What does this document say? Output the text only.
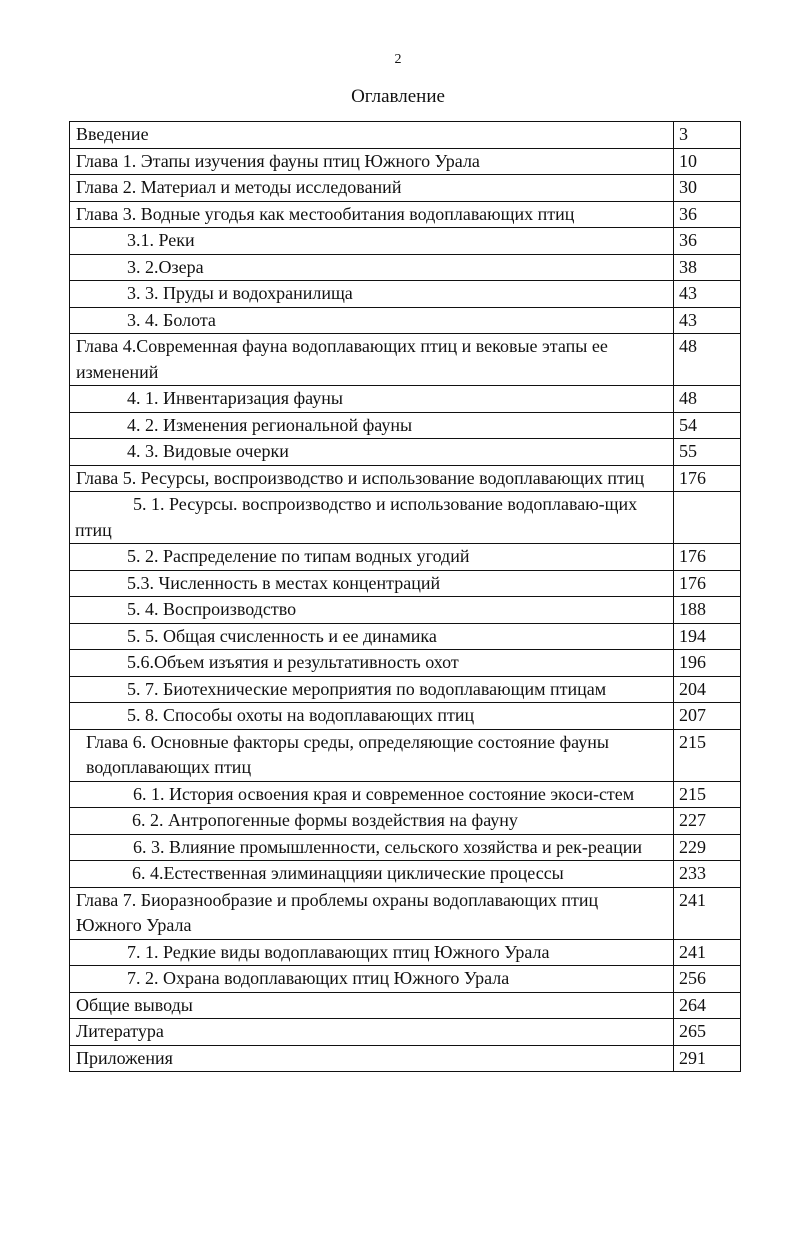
2
Оглавление
Введение	3
Глава 1. Этапы изучения фауны птиц Южного Урала	10
Глава 2. Материал и методы исследований	30
Глава 3. Водные угодья как местообитания водоплавающих птиц	36
3.1. Реки	36
3. 2.Озера	38
3. 3. Пруды и водохранилища	43
3. 4. Болота	43
Глава 4.Современная фауна водоплавающих птиц и вековые этапы ее изменений	48
4. 1. Инвентаризация фауны	48
4. 2. Изменения региональной фауны	54
4. 3. Видовые очерки	55
Глава 5. Ресурсы, воспроизводство и использование водоплавающих птиц	176
5. 1. Ресурсы. воспроизводство и использование водоплаваю-щих птиц	
5. 2. Распределение по типам водных угодий	176
5.3. Численность в местах концентраций	176
5. 4. Воспроизводство	188
5. 5. Общая счисленность и ее динамика	194
5.6.Объем изъятия и результативность охот	196
5. 7. Биотехнические мероприятия по водоплавающим птицам	204
5. 8. Способы охоты на водоплавающих птиц	207
Глава 6. Основные факторы среды, определяющие состояние фауны водоплавающих птиц	215
6. 1. История освоения края и современное состояние экоси-стем	215
6. 2. Антропогенные формы воздействия на фауну	227
6. 3. Влияние промышленности, сельского хозяйства и рек-реации	229
6. 4.Естественная элиминаццияи циклические процессы	233
Глава 7. Биоразнообразие и проблемы охраны водоплавающих птиц Южного Урала	241
7. 1. Редкие виды водоплавающих птиц Южного Урала	241
7. 2. Охрана водоплавающих птиц Южного Урала	256
Общие выводы	264
Литература	265
Приложения	291
